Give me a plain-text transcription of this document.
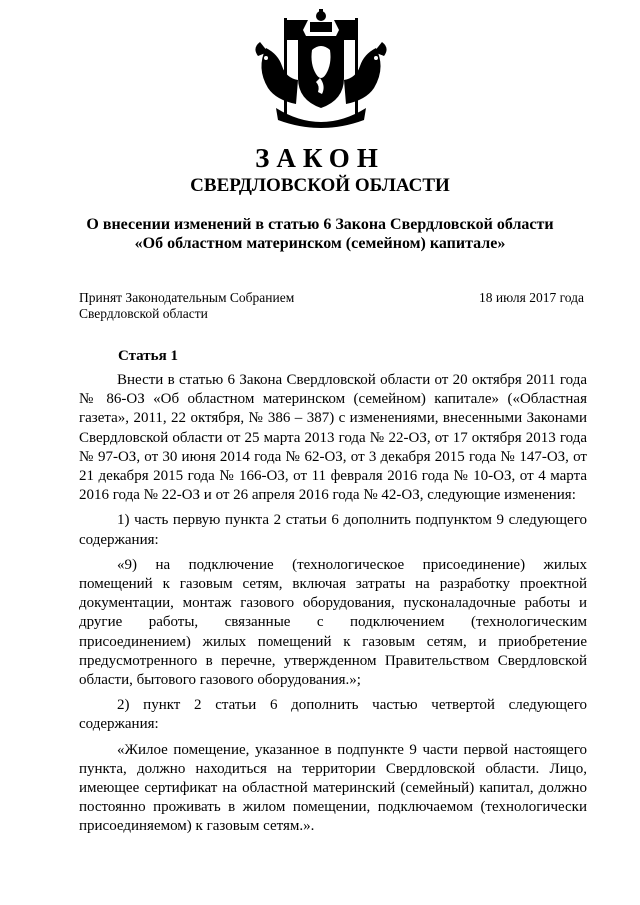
ЗАКОН
СВЕРДЛОВСКОЙ ОБЛАСТИ
О внесении изменений в статью 6 Закона Свердловской области «Об областном материнском (семейном) капитале»
Принят Законодательным Собранием
Свердловской области
18 июля 2017 года
Статья 1

Внести в статью 6 Закона Свердловской области от 20 октября 2011 года № 86-ОЗ «Об областном материнском (семейном) капитале» («Областная газета», 2011, 22 октября, № 386 – 387) с изменениями, внесенными Законами Свердловской области от 25 марта 2013 года № 22-ОЗ, от 17 октября 2013 года № 97-ОЗ, от 30 июня 2014 года № 62-ОЗ, от 3 декабря 2015 года № 147-ОЗ, от 21 декабря 2015 года № 166-ОЗ, от 11 февраля 2016 года № 10-ОЗ, от 4 марта 2016 года № 22-ОЗ и от 26 апреля 2016 года № 42-ОЗ, следующие изменения:

1) часть первую пункта 2 статьи 6 дополнить подпунктом 9 следующего содержания:

«9) на подключение (технологическое присоединение) жилых помещений к газовым сетям, включая затраты на разработку проектной документации, монтаж газового оборудования, пусконаладочные работы и другие работы, связанные с подключением (технологическим присоединением) жилых помещений к газовым сетям, и приобретение предусмотренного в перечне, утвержденном Правительством Свердловской области, бытового газового оборудования.»;

2) пункт 2 статьи 6 дополнить частью четвертой следующего содержания:

«Жилое помещение, указанное в подпункте 9 части первой настоящего пункта, должно находиться на территории Свердловской области. Лицо, имеющее сертификат на областной материнский (семейный) капитал, должно постоянно проживать в жилом помещении, подключаемом (технологически присоединяемом) к газовым сетям.».
